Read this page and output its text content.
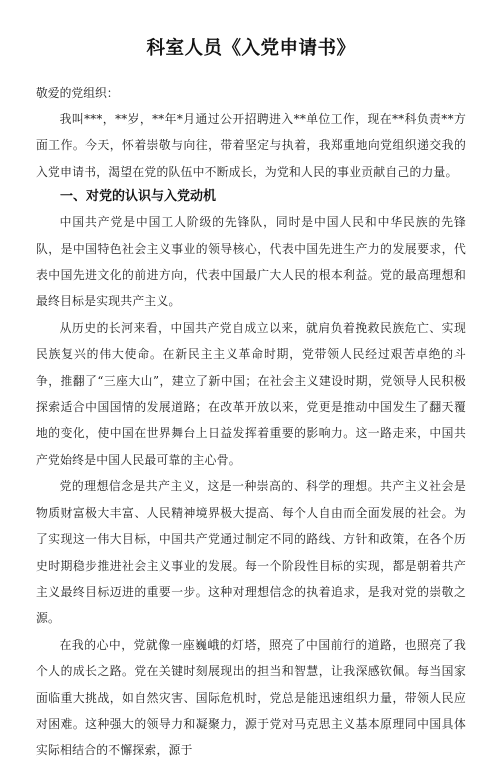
科室人员《入党申请书》

敬爱的党组织：

我叫***，**岁，**年*月通过公开招聘进入**单位工作，现在**科负责**方面工作。今天，怀着崇敬与向往，带着坚定与执着，我郑重地向党组织递交我的入党申请书，渴望在党的队伍中不断成长，为党和人民的事业贡献自己的力量。

一、对党的认识与入党动机

中国共产党是中国工人阶级的先锋队，同时是中国人民和中华民族的先锋队，是中国特色社会主义事业的领导核心，代表中国先进生产力的发展要求，代表中国先进文化的前进方向，代表中国最广大人民的根本利益。党的最高理想和最终目标是实现共产主义。

从历史的长河来看，中国共产党自成立以来，就肩负着挽救民族危亡、实现民族复兴的伟大使命。在新民主主义革命时期，党带领人民经过艰苦卓绝的斗争，推翻了“三座大山”，建立了新中国；在社会主义建设时期，党领导人民积极探索适合中国国情的发展道路；在改革开放以来，党更是推动中国发生了翻天覆地的变化，使中国在世界舞台上日益发挥着重要的影响力。这一路走来，中国共产党始终是中国人民最可靠的主心骨。

党的理想信念是共产主义，这是一种崇高的、科学的理想。共产主义社会是物质财富极大丰富、人民精神境界极大提高、每个人自由而全面发展的社会。为了实现这一伟大目标，中国共产党通过制定不同的路线、方针和政策，在各个历史时期稳步推进社会主义事业的发展。每一个阶段性目标的实现，都是朝着共产主义最终目标迈进的重要一步。这种对理想信念的执着追求，是我对党的崇敬之源。

在我的心中，党就像一座巍峨的灯塔，照亮了中国前行的道路，也照亮了我个人的成长之路。党在关键时刻展现出的担当和智慧，让我深感钦佩。每当国家面临重大挑战，如自然灾害、国际危机时，党总是能迅速组织力量，带领人民应对困难。这种强大的领导力和凝聚力，源于党对马克思主义基本原理同中国具体实际相结合的不懈探索，源于
